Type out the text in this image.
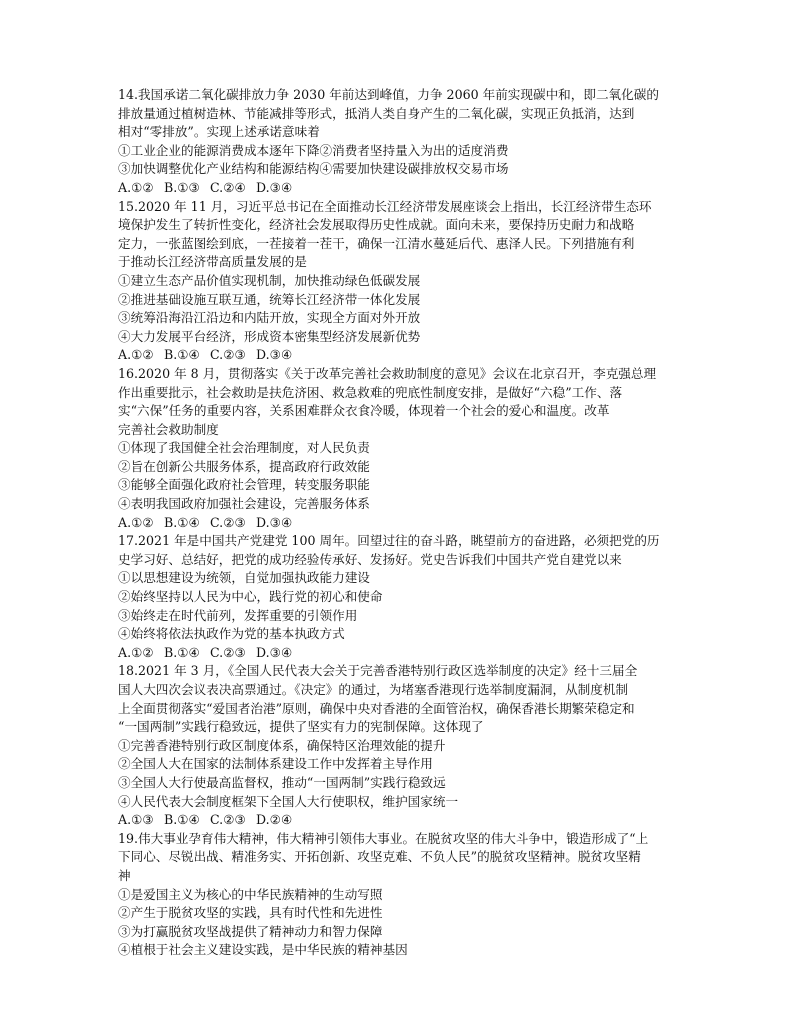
14.我国承诺二氧化碳排放力争 2030 年前达到峰值，力争 2060 年前实现碳中和，即二氧化碳的
排放量通过植树造林、节能减排等形式，抵消人类自身产生的二氧化碳，实现正负抵消，达到
相对“零排放”。实现上述承诺意味着
①工业企业的能源消费成本逐年下降②消费者坚持量入为出的适度消费
③加快调整优化产业结构和能源结构④需要加快建设碳排放权交易市场
A.①② B.①③ C.②④ D.③④
15.2020 年 11 月，习近平总书记在全面推动长江经济带发展座谈会上指出，长江经济带生态环
境保护发生了转折性变化，经济社会发展取得历史性成就。面向未来，要保持历史耐力和战略
定力，一张蓝图绘到底，一茬接着一茬干，确保一江清水蔓延后代、惠泽人民。下列措施有利
于推动长江经济带高质量发展的是
①建立生态产品价值实现机制，加快推动绿色低碳发展
②推进基础设施互联互通，统筹长江经济带一体化发展
③统筹沿海沿江沿边和内陆开放，实现全方面对外开放
④大力发展平台经济，形成资本密集型经济发展新优势
A.①② B.①④ C.②③ D.③④
16.2020 年 8 月，贯彻落实《关于改革完善社会救助制度的意见》会议在北京召开，李克强总理
作出重要批示，社会救助是扶危济困、救急救难的兜底性制度安排，是做好“六稳”工作、落
实“六保”任务的重要内容，关系困难群众衣食冷暖，体现着一个社会的爱心和温度。改革
完善社会救助制度
①体现了我国健全社会治理制度，对人民负责
②旨在创新公共服务体系，提高政府行政效能
③能够全面强化政府社会管理，转变服务职能
④表明我国政府加强社会建设，完善服务体系
A.①② B.①④ C.②③ D.③④
17.2021 年是中国共产党建党 100 周年。回望过往的奋斗路，眺望前方的奋进路，必须把党的历
史学习好、总结好，把党的成功经验传承好、发扬好。党史告诉我们中国共产党自建党以来
①以思想建设为统领，自觉加强执政能力建设
②始终坚持以人民为中心，践行党的初心和使命
③始终走在时代前列，发挥重要的引领作用
④始终将依法执政作为党的基本执政方式
A.①② B.①④ C.②③ D.③④
18.2021 年 3 月，《全国人民代表大会关于完善香港特别行政区选举制度的决定》经十三届全
国人大四次会议表决高票通过。《决定》的通过，为堵塞香港现行选举制度漏洞，从制度机制
上全面贯彻落实“爱国者治港”原则，确保中央对香港的全面管治权，确保香港长期繁荣稳定和
“一国两制”实践行稳致远，提供了坚实有力的宪制保障。这体现了
①完善香港特别行政区制度体系，确保特区治理效能的提升
②全国人大在国家的法制体系建设工作中发挥着主导作用
③全国人大行使最高监督权，推动“一国两制”实践行稳致远
④人民代表大会制度框架下全国人大行使职权，维护国家统一
A.①③ B.①④ C.②③ D.②④
19.伟大事业孕育伟大精神，伟大精神引领伟大事业。在脱贫攻坚的伟大斗争中，锻造形成了“上
下同心、尽锐出战、精准务实、开拓创新、攻坚克难、不负人民”的脱贫攻坚精神。脱贫攻坚精
神
①是爱国主义为核心的中华民族精神的生动写照
②产生于脱贫攻坚的实践，具有时代性和先进性
③为打赢脱贫攻坚战提供了精神动力和智力保障
④植根于社会主义建设实践，是中华民族的精神基因
